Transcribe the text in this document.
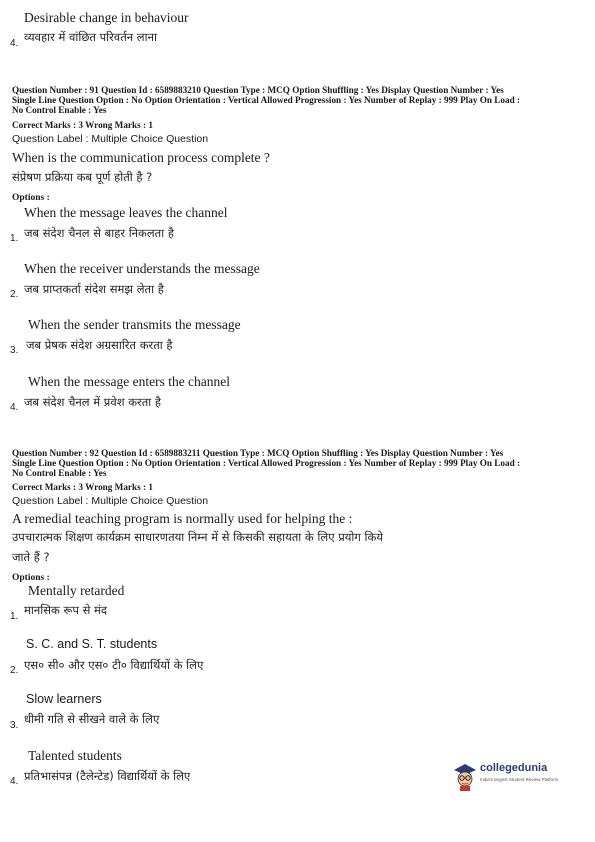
Desirable change in behaviour
4. व्यवहार में वांछित परिवर्तन लाना
Question Number : 91 Question Id : 6589883210 Question Type : MCQ Option Shuffling : Yes Display Question Number : Yes
Single Line Question Option : No Option Orientation : Vertical Allowed Progression : Yes Number of Replay : 999 Play On Load :
No Control Enable : Yes
Correct Marks : 3 Wrong Marks : 1
Question Label : Multiple Choice Question
When is the communication process complete ?
संप्रेषण प्रक्रिया कब पूर्ण होती है ?
Options :
When the message leaves the channel
1. जब संदेश चैनल से बाहर निकलता है
When the receiver understands the message
2. जब प्राप्तकर्ता संदेश समझ लेता है
When the sender transmits the message
3. जब प्रेषक संदेश अग्रसारित करता है
When the message enters the channel
4. जब संदेश चैनल में प्रवेश करता है
Question Number : 92 Question Id : 6589883211 Question Type : MCQ Option Shuffling : Yes Display Question Number : Yes
Single Line Question Option : No Option Orientation : Vertical Allowed Progression : Yes Number of Replay : 999 Play On Load :
No Control Enable : Yes
Correct Marks : 3 Wrong Marks : 1
Question Label : Multiple Choice Question
A remedial teaching program is normally used for helping the :
उपचारात्मक शिक्षण कार्यक्रम साधारणतया निम्न में से किसकी सहायता के लिए प्रयोग किये
जाते हैं ?
Options :
Mentally retarded
1. मानसिक रूप से मंद
S. C. and S. T. students
2. एस० सी० और एस० टी० विद्यार्थियों के लिए
Slow learners
3. धीमी गति से सीखने वाले के लिए
Talented students
4. प्रतिभासंपन्न (टैलेन्टेड) विद्यार्थियों के लिए
collegedunia
India's largest Student Review Platform
